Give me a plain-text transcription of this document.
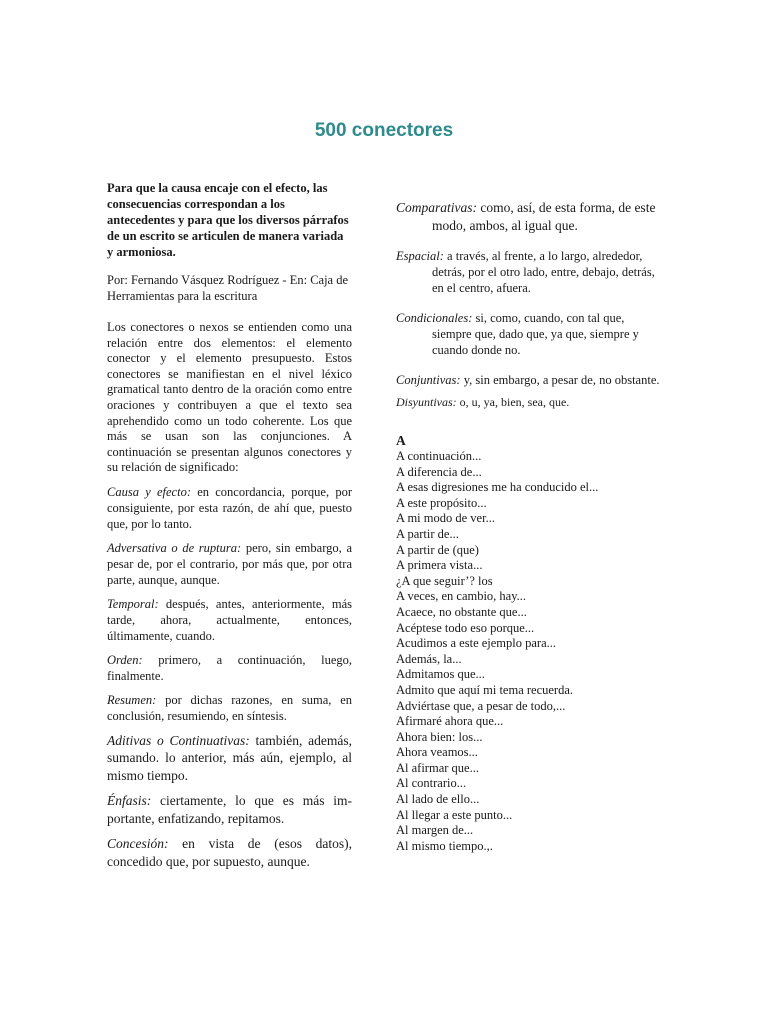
500 conectores

Para que la causa encaje con el efecto, las consecuencias correspondan a los antecedentes y para que los diversos párrafos de un escrito se articulen de manera variada y armoniosa.

Por: Fernando Vásquez Rodríguez - En: Caja de Herramientas para la escritura

Los conectores o nexos se entienden como una relación entre dos elementos: el elemento conector y el elemento presupuesto. Estos conectores se manifiestan en el nivel léxico gramatical tanto dentro de la oración como entre oraciones y contribuyen a que el texto sea aprehendido como un todo coherente. Los que más se usan son las conjunciones. A continuación se presentan algunos conectores y su relación de significado:

Causa y efecto: en concordancia, porque, por consiguiente, por esta razón, de ahí que, puesto que, por lo tanto.

Adversativa o de ruptura: pero, sin embargo, a pesar de, por el contrario, por más que, por otra parte, aunque, aunque.

Temporal: después, antes, anteriormente, más tarde, ahora, actualmente, entonces, últimamente, cuando.

Orden: primero, a continuación, luego, finalmente.

Resumen: por dichas razones, en suma, en conclusión, resumiendo, en síntesis.

Aditivas o Continuativas: también, además, sumando. lo anterior, más aún, ejemplo, al mismo tiempo.

Énfasis: ciertamente, lo que es más im-portante, enfatizando, repitamos.

Concesión: en vista de (esos datos), concedido que, por supuesto, aunque.

Comparativas: como, así, de esta forma, de este modo, ambos, al igual que.

Espacial: a través, al frente, a lo largo, alrededor, detrás, por el otro lado, entre, debajo, detrás, en el centro, afuera.

Condicionales: si, como, cuando, con tal que, siempre que, dado que, ya que, siempre y cuando donde no.

Conjuntivas: y, sin embargo, a pesar de, no obstante.

Disyuntivas: o, u, ya, bien, sea, que.

A
A continuación...
A diferencia de...
A esas digresiones me ha conducido el...
A este propósito...
A mi modo de ver...
A partir de...
A partir de (que)
A primera vista...
¿A que seguir’? los
A veces, en cambio, hay...
Acaece, no obstante que...
Acéptese todo eso porque...
Acudimos a este ejemplo para...
Además, la...
Admitamos que...
Admito que aquí mi tema recuerda.
Adviértase que, a pesar de todo,...
Afirmaré ahora que...
Ahora bien: los...
Ahora veamos...
Al afirmar que...
Al contrario...
Al lado de ello...
Al llegar a este punto...
Al margen de...
Al mismo tiempo.,.
